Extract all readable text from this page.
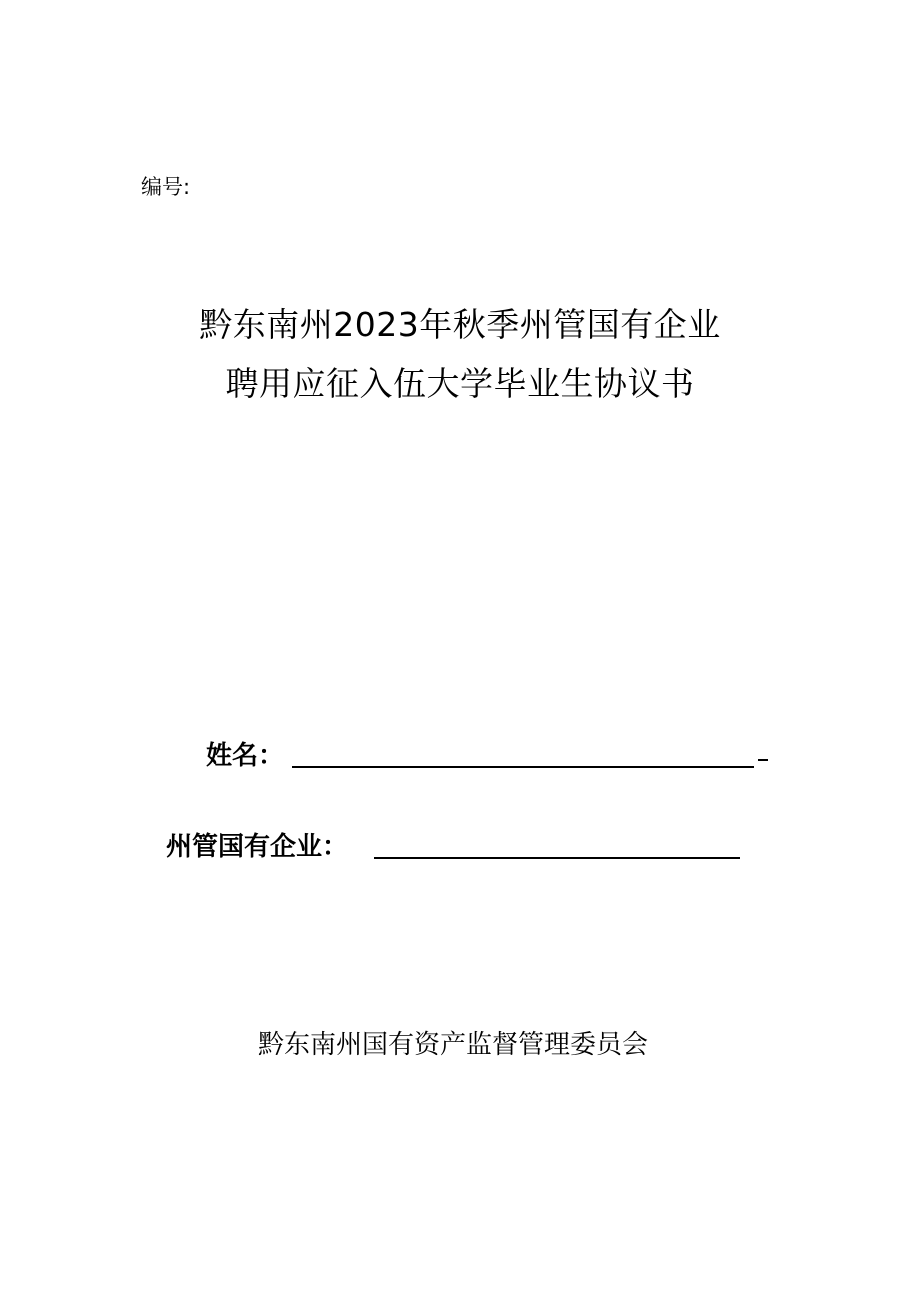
编号:
黔东南州2023年秋季州管国有企业
聘用应征入伍大学毕业生协议书
姓名：
州管国有企业：
黔东南州国有资产监督管理委员会
